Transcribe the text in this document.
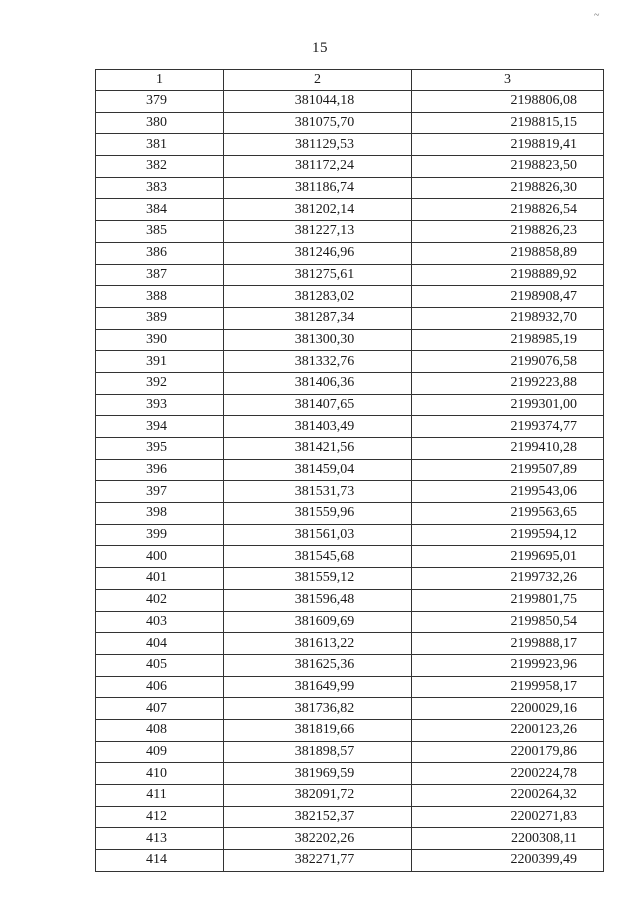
~
15
1	2	3
379	381044,18	2198806,08
380	381075,70	2198815,15
381	381129,53	2198819,41
382	381172,24	2198823,50
383	381186,74	2198826,30
384	381202,14	2198826,54
385	381227,13	2198826,23
386	381246,96	2198858,89
387	381275,61	2198889,92
388	381283,02	2198908,47
389	381287,34	2198932,70
390	381300,30	2198985,19
391	381332,76	2199076,58
392	381406,36	2199223,88
393	381407,65	2199301,00
394	381403,49	2199374,77
395	381421,56	2199410,28
396	381459,04	2199507,89
397	381531,73	2199543,06
398	381559,96	2199563,65
399	381561,03	2199594,12
400	381545,68	2199695,01
401	381559,12	2199732,26
402	381596,48	2199801,75
403	381609,69	2199850,54
404	381613,22	2199888,17
405	381625,36	2199923,96
406	381649,99	2199958,17
407	381736,82	2200029,16
408	381819,66	2200123,26
409	381898,57	2200179,86
410	381969,59	2200224,78
411	382091,72	2200264,32
412	382152,37	2200271,83
413	382202,26	2200308,11
414	382271,77	2200399,49
